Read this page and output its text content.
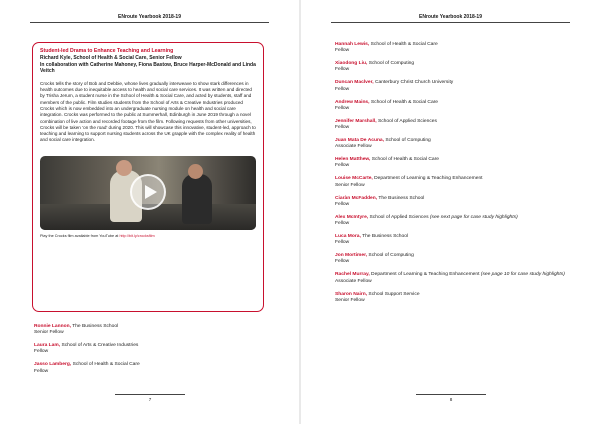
ENroute Yearbook 2018-19
Student-led Drama to Enhance Teaching and Learning
Richard Kyle, School of Health & Social Care, Senior Fellow
In collaboration with Catherine Mahoney, Fiona Bastow, Bruce Harper-McDonald and Linda Veitch
Crocks tells the story of Bob and Debbie, whose lives gradually interweave to show stark differences in health outcomes due to inequitable access to health and social care services. It was written and directed by Trisha Jerum, a student nurse in the School of Health & Social Care, and acted by students, staff and members of the public. Film studies students from the School of Arts & Creative Industries produced Crocks which is now embedded into an undergraduate nursing module on health and social care integration. Crocks was performed to the public at Summerhall, Edinburgh in June 2019 through a novel combination of live action and recorded footage from the film. Following requests from other universities, Crocks will be taken ‘on the road’ during 2020. This will showcase this innovative, student-led, approach to teaching and learning to support nursing students across the UK grapple with the complex reality of health and social care integration.
Play the Crocks film available from YouTube at http://bit.ly/crocksfilm
Ronnie Lannon, The Business School
Senior Fellow
Laura Lam, School of Arts & Creative Industries
Fellow
Jasso Lamberg, School of Health & Social Care
Fellow
7
ENroute Yearbook 2018-19
Hannah Lewis, School of Health & Social Care
Fellow
Xiaodong Liu, School of Computing
Fellow
Duncan Maclver, Canterbury Christ Church University
Fellow
Andrew Mains, School of Health & Social Care
Fellow
Jennifer Marshall, School of Applied Sciences
Fellow
Juan Mata De Acuna, School of Computing
Associate Fellow
Helen Matthew, School of Health & Social Care
Fellow
Louise McCarte, Department of Learning & Teaching Enhancement
Senior Fellow
Ciaràn McFadden, The Business School
Fellow
Alex McIntyre, School of Applied Sciences (see next page for case study highlights)
Fellow
Luca Mora, The Business School
Fellow
Jon Mortimer, School of Computing
Fellow
Rachel Murray, Department of Learning & Teaching Enhancement (see page 10 for case study highlights)
Associate Fellow
Sharon Nairn, School Support Service
Senior Fellow
8
